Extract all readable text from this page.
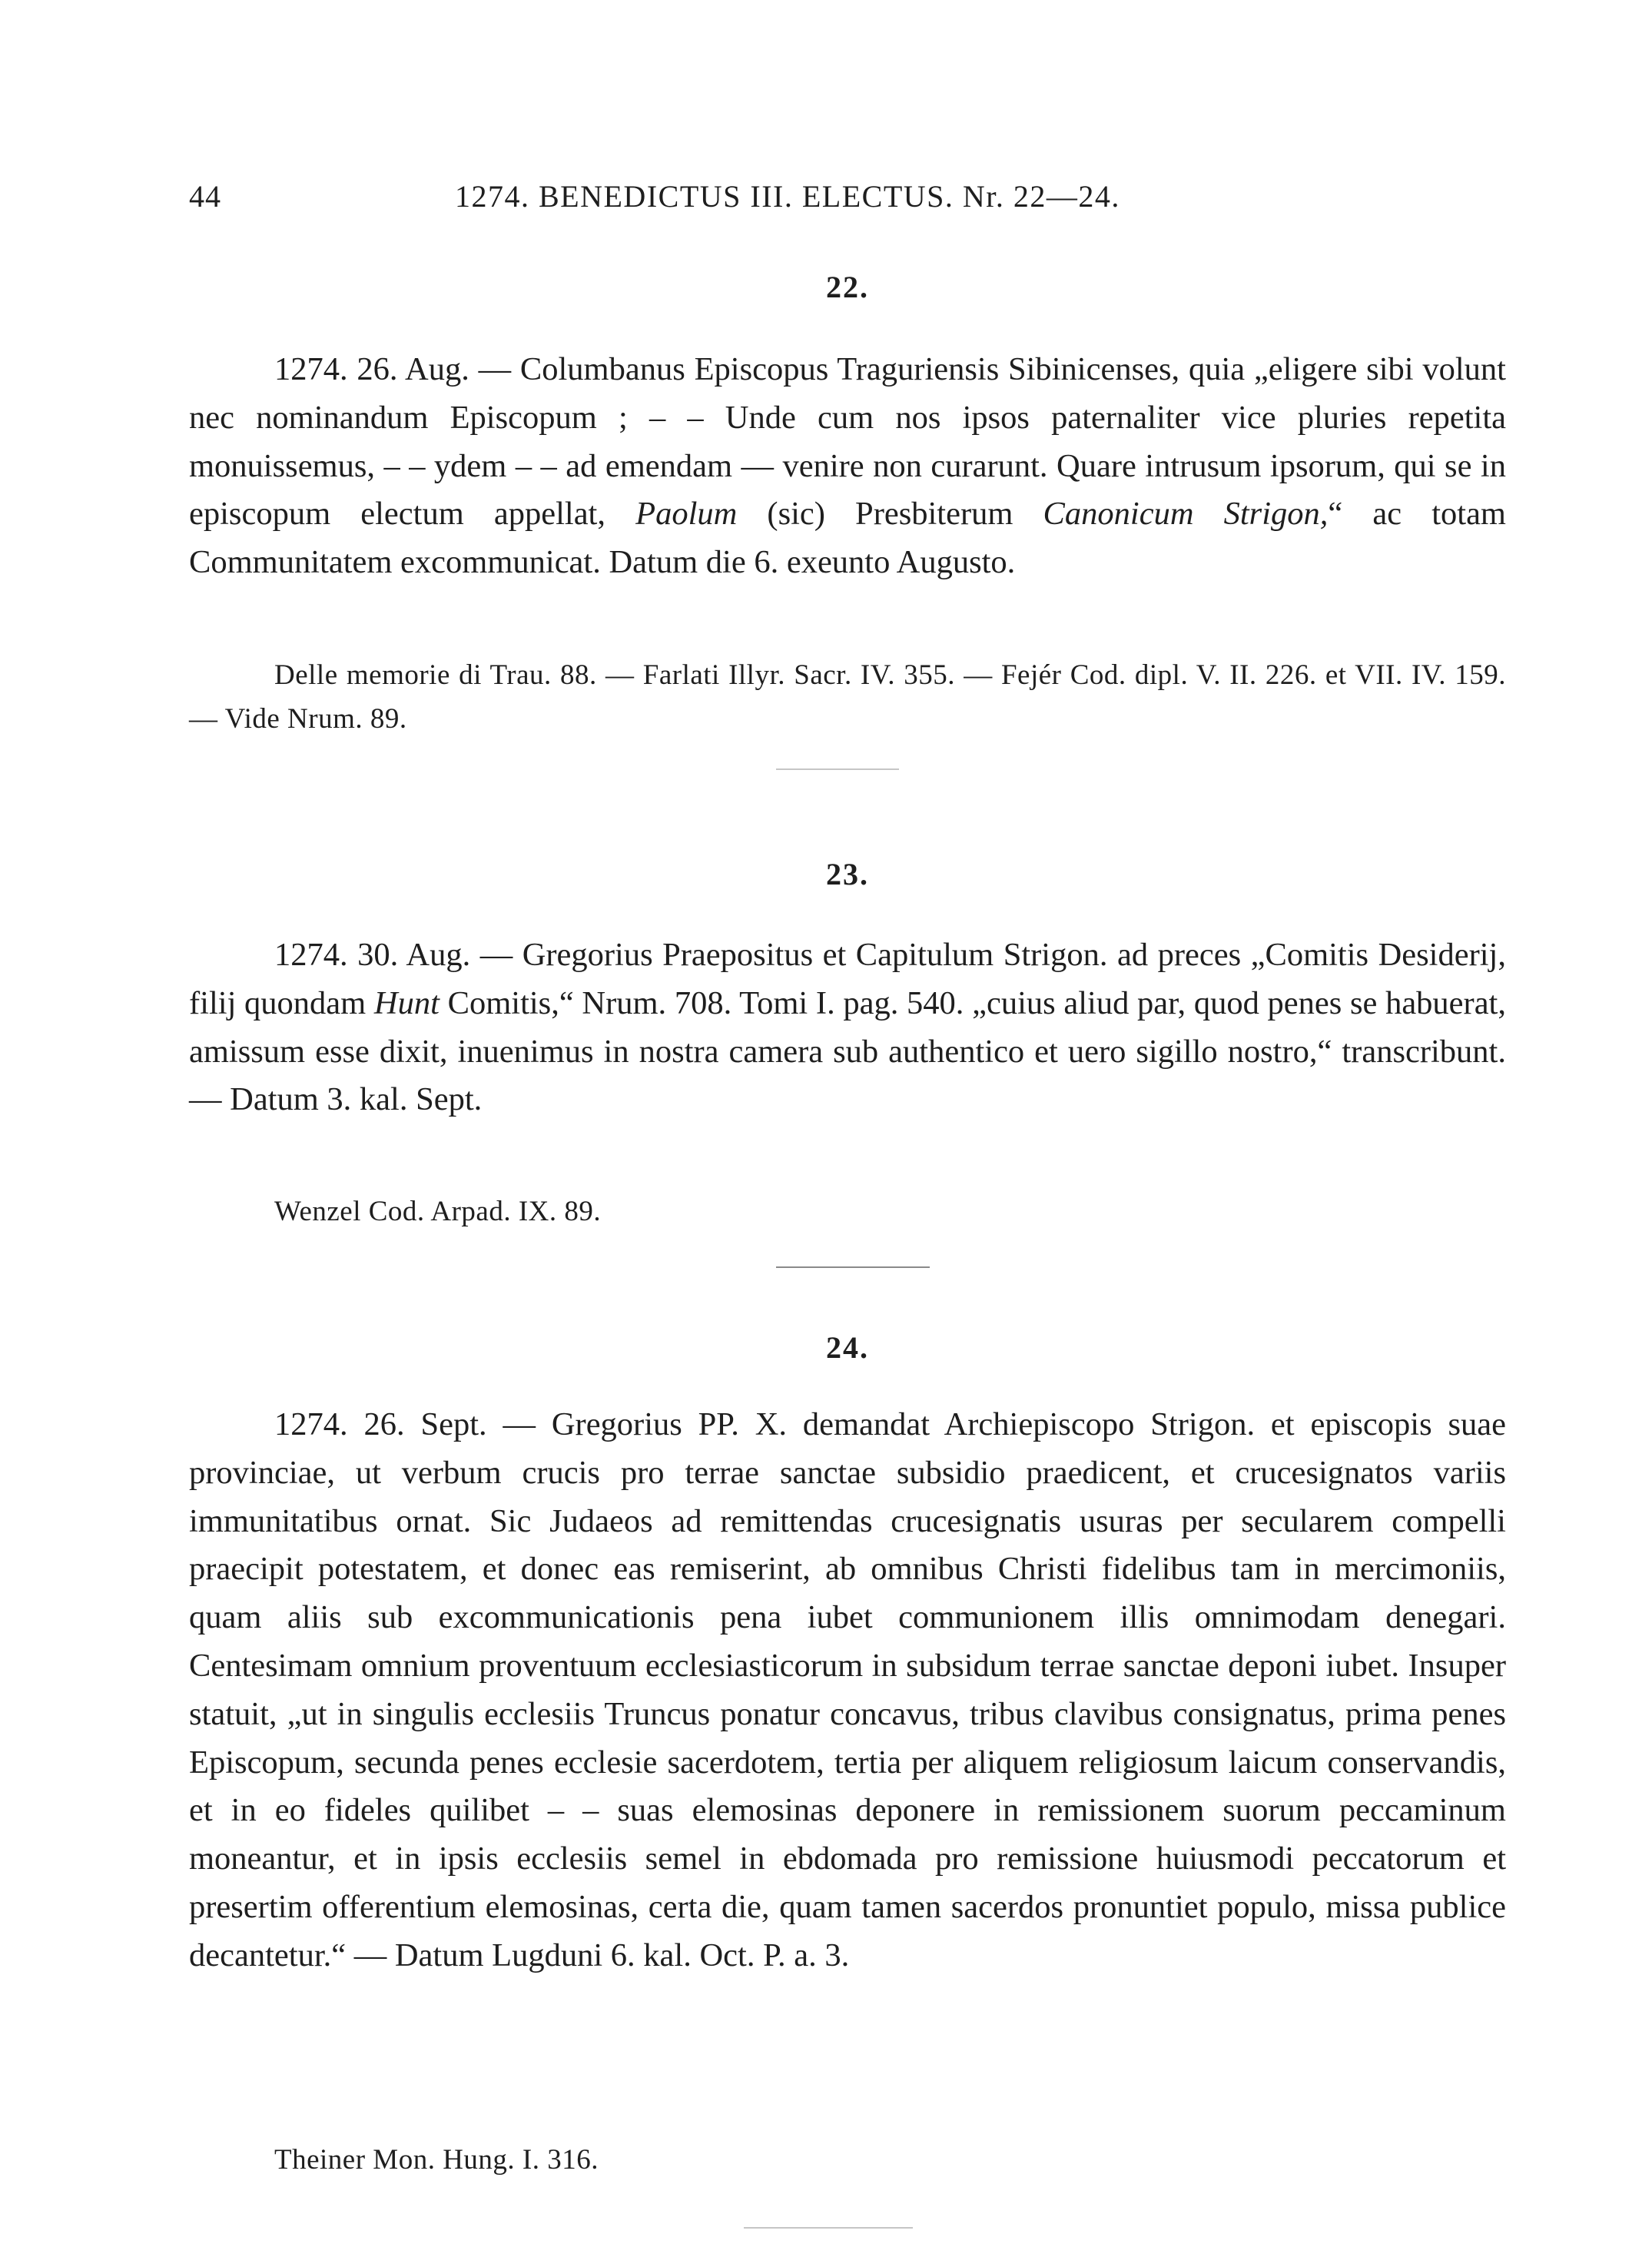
44	1274. BENEDICTUS III. ELECTUS. Nr. 22—24.
22.
1274. 26. Aug. — Columbanus Episcopus Traguriensis Sibinicenses, quia „eligere sibi volunt nec nominandum Episcopum ; – – Unde cum nos ipsos paternaliter vice pluries repetita monuissemus, – – ydem – – ad emendam — venire non curarunt. Quare intrusum ipsorum, qui se in episcopum electum appellat, Paolum (sic) Presbiterum Canonicum Strigon,“ ac totam Communitatem excommunicat. Datum die 6. exeunto Augusto.
Delle memorie di Trau. 88. — Farlati Illyr. Sacr. IV. 355. — Fejér Cod. dipl. V. II. 226. et VII. IV. 159. — Vide Nrum. 89.
23.
1274. 30. Aug. — Gregorius Praepositus et Capitulum Strigon. ad preces „Comitis Desiderij, filij quondam Hunt Comitis,“ Nrum. 708. Tomi I. pag. 540. „cuius aliud par, quod penes se habuerat, amissum esse dixit, inuenimus in nostra camera sub authentico et uero sigillo nostro,“ transcribunt. — Datum 3. kal. Sept.
Wenzel Cod. Arpad. IX. 89.
24.
1274. 26. Sept. — Gregorius PP. X. demandat Archiepiscopo Strigon. et episcopis suae provinciae, ut verbum crucis pro terrae sanctae subsidio praedicent, et crucesignatos variis immunitatibus ornat. Sic Judaeos ad remittendas crucesignatis usuras per secularem compelli praecipit potestatem, et donec eas remiserint, ab omnibus Christi fidelibus tam in mercimoniis, quam aliis sub excommunicationis pena iubet communionem illis omnimodam denegari. Centesimam omnium proventuum ecclesiasticorum in subsidum terrae sanctae deponi iubet. Insuper statuit, „ut in singulis ecclesiis Truncus ponatur concavus, tribus clavibus consignatus, prima penes Episcopum, secunda penes ecclesie sacerdotem, tertia per aliquem religiosum laicum conservandis, et in eo fideles quilibet – – suas elemosinas deponere in remissionem suorum peccaminum moneantur, et in ipsis ecclesiis semel in ebdomada pro remissione huiusmodi peccatorum et presertim offerentium elemosinas, certa die, quam tamen sacerdos pronuntiet populo, missa publice decantetur.“ — Datum Lugduni 6. kal. Oct. P. a. 3.
Theiner Mon. Hung. I. 316.
